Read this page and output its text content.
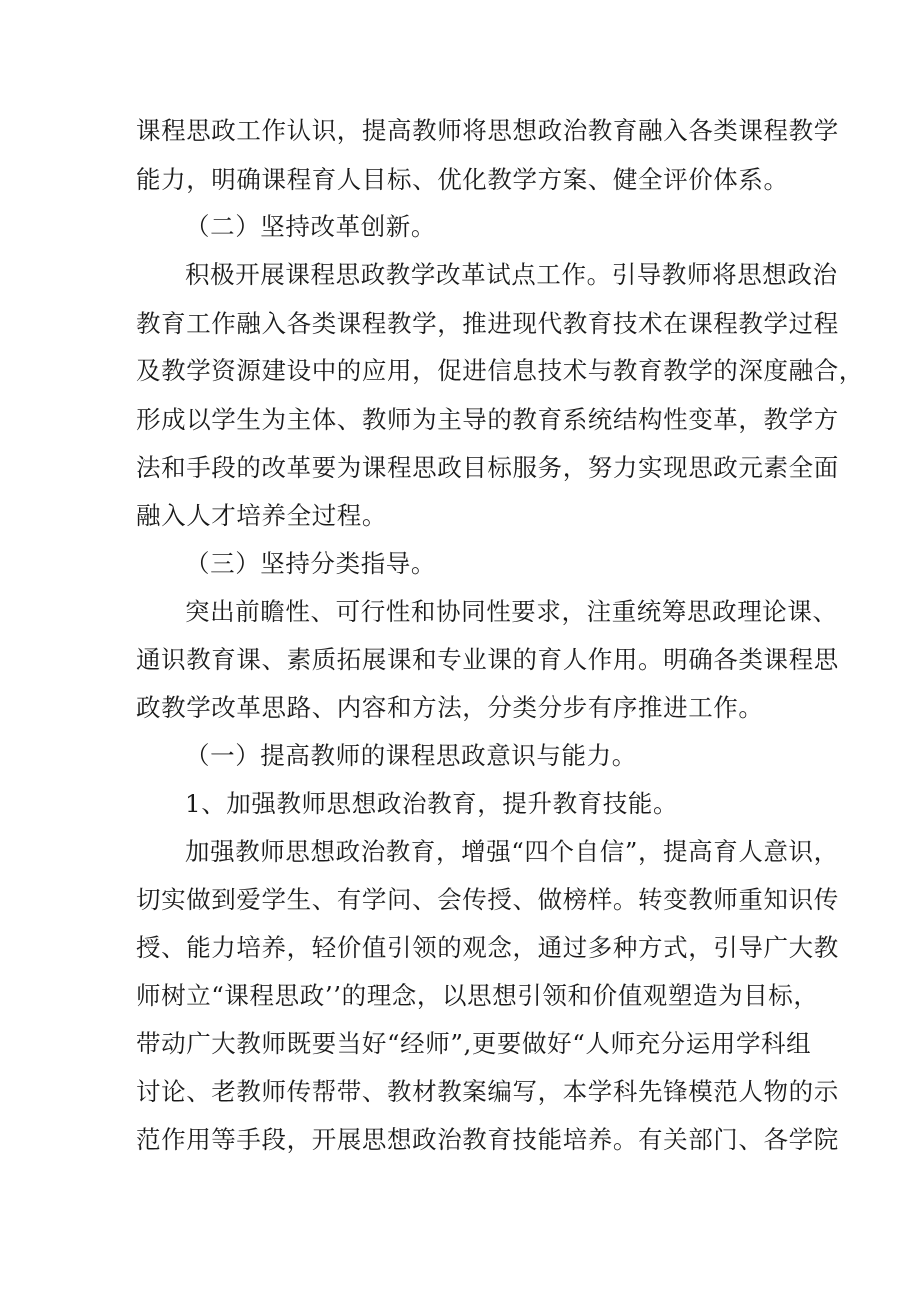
课程思政工作认识，提高教师将思想政治教育融入各类课程教学

能力，明确课程育人目标、优化教学方案、健全评价体系。

（二）坚持改革创新。

积极开展课程思政教学改革试点工作。引导教师将思想政治

教育工作融入各类课程教学，推进现代教育技术在课程教学过程

及教学资源建设中的应用，促进信息技术与教育教学的深度融合，

形成以学生为主体、教师为主导的教育系统结构性变革，教学方

法和手段的改革要为课程思政目标服务，努力实现思政元素全面

融入人才培养全过程。

（三）坚持分类指导。

突出前瞻性、可行性和协同性要求，注重统筹思政理论课、

通识教育课、素质拓展课和专业课的育人作用。明确各类课程思

政教学改革思路、内容和方法，分类分步有序推进工作。

（一）提高教师的课程思政意识与能力。

1、加强教师思想政治教育，提升教育技能。

加强教师思想政治教育，增强“四个自信”，提高育人意识，

切实做到爱学生、有学问、会传授、做榜样。转变教师重知识传

授、能力培养，轻价值引领的观念，通过多种方式，引导广大教

师树立“课程思政’’的理念，以思想引领和价值观塑造为目标，

带动广大教师既要当好“经师”,更要做好“人师充分运用学科组

讨论、老教师传帮带、教材教案编写，本学科先锋模范人物的示

范作用等手段，开展思想政治教育技能培养。有关部门、各学院
